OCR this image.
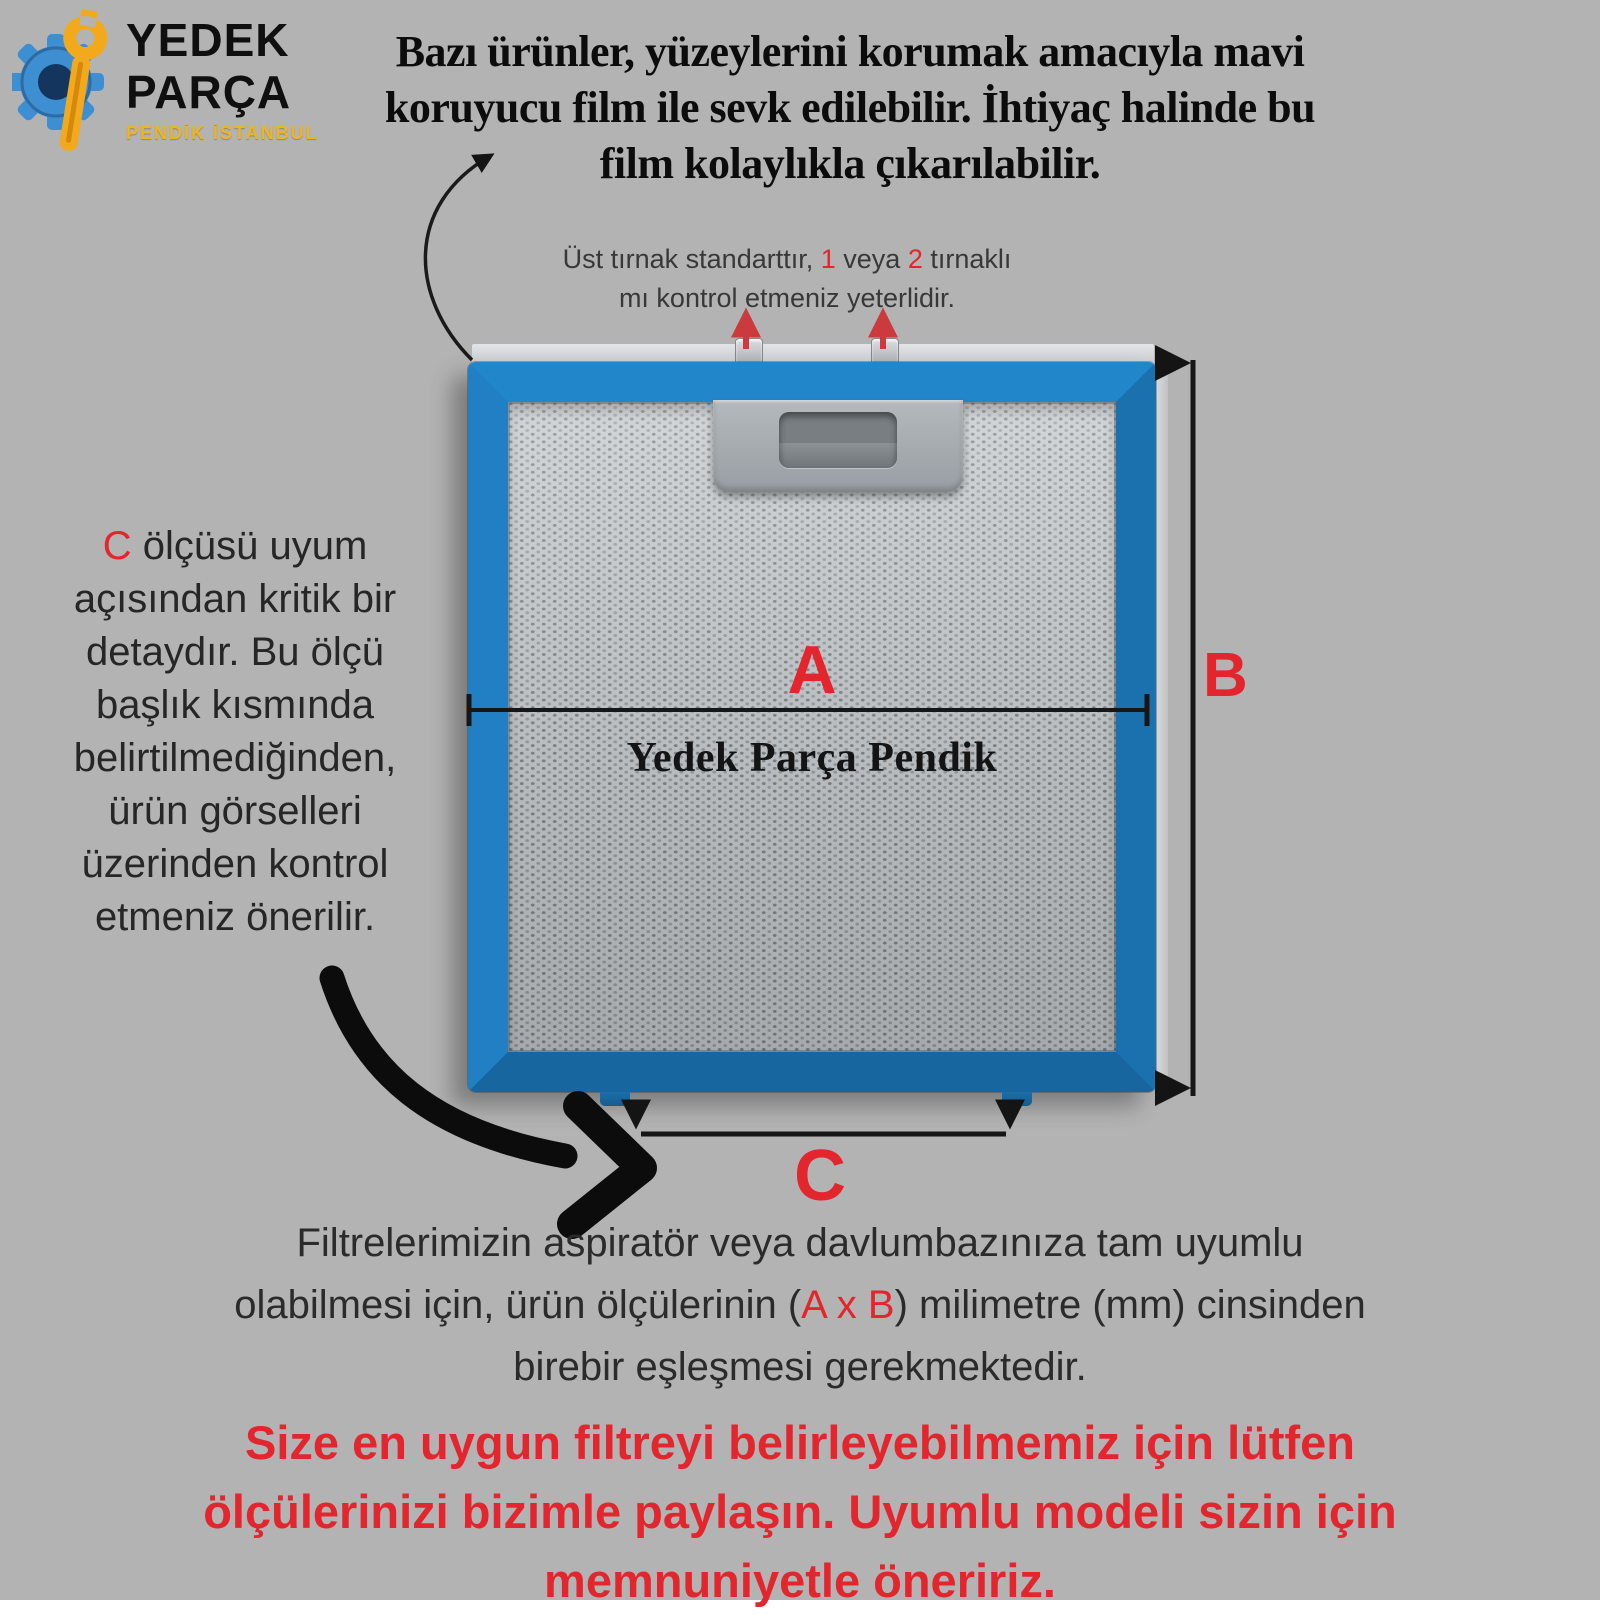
YEDEK
PARÇA
PENDİK İSTANBUL
Bazı ürünler, yüzeylerini korumak amacıyla mavi
koruyucu film ile sevk edilebilir. İhtiyaç halinde bu
film kolaylıkla çıkarılabilir.
Üst tırnak standarttır, 1 veya 2 tırnaklı
mı kontrol etmeniz yeterlidir.
C ölçüsü uyum
açısından kritik bir
detaydır. Bu ölçü
başlık kısmında
belirtilmediğinden,
ürün görselleri
üzerinden kontrol
etmeniz önerilir.
Yedek Parça Pendik
A	B
C
Filtrelerimizin aspiratör veya davlumbazınıza tam uyumlu
olabilmesi için, ürün ölçülerinin (A x B) milimetre (mm) cinsinden
birebir eşleşmesi gerekmektedir.
Size en uygun filtreyi belirleyebilmemiz için lütfen
ölçülerinizi bizimle paylaşın. Uyumlu modeli sizin için
memnuniyetle öneririz.
